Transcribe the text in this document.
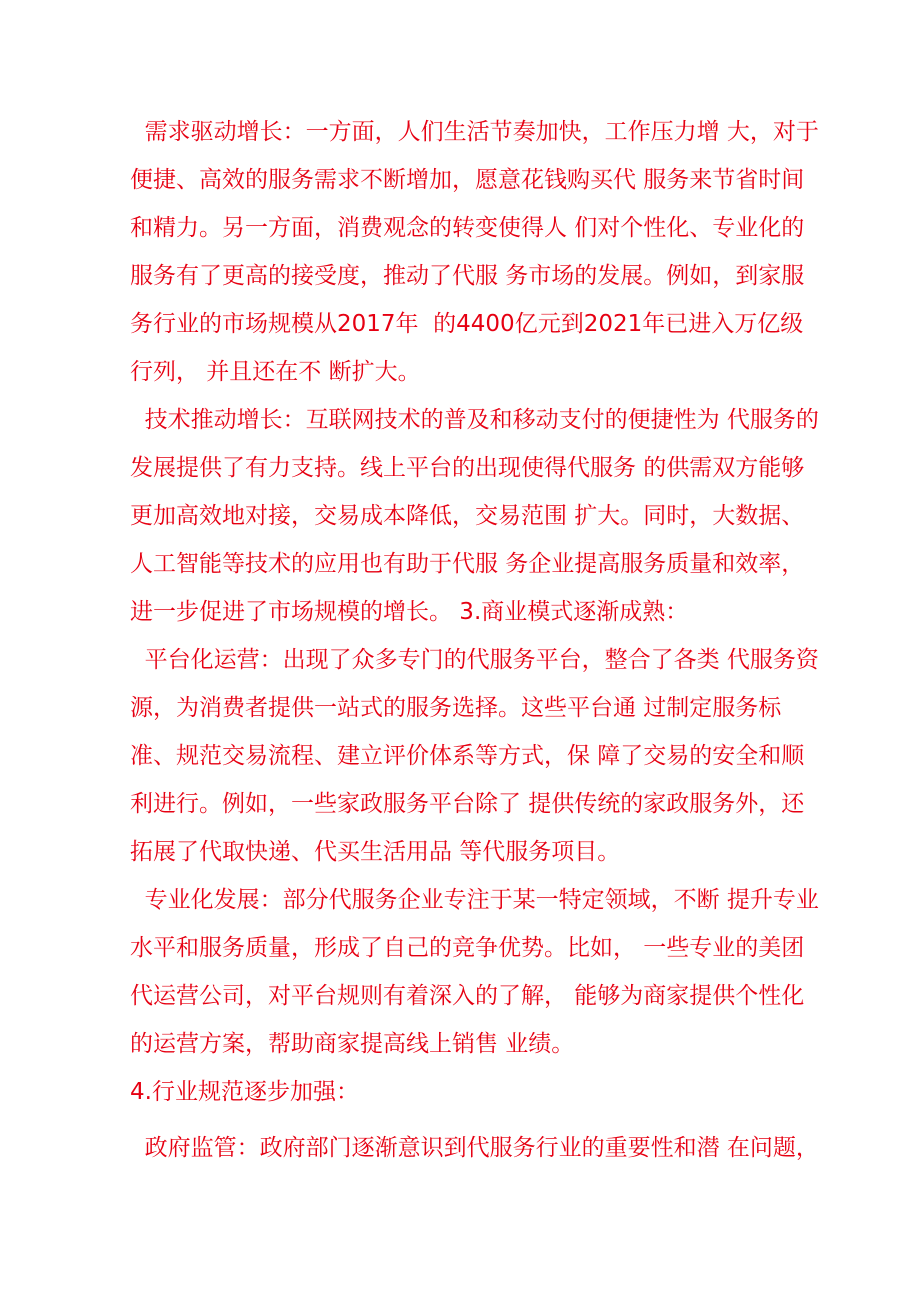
需求驱动增长：一方面，人们生活节奏加快，工作压力增 大，对于便捷、高效的服务需求不断增加，愿意花钱购买代 服务来节省时间和精力。另一方面，消费观念的转变使得人 们对个性化、专业化的服务有了更高的接受度，推动了代服 务市场的发展。例如，到家服务行业的市场规模从2017年  的4400亿元到2021年已进入万亿级行列， 并且还在不 断扩大。

技术推动增长：互联网技术的普及和移动支付的便捷性为 代服务的发展提供了有力支持。线上平台的出现使得代服务 的供需双方能够更加高效地对接，交易成本降低，交易范围 扩大。同时，大数据、人工智能等技术的应用也有助于代服 务企业提高服务质量和效率，进一步促进了市场规模的增长。 3.商业模式逐渐成熟：

平台化运营：出现了众多专门的代服务平台，整合了各类 代服务资源，为消费者提供一站式的服务选择。这些平台通 过制定服务标准、规范交易流程、建立评价体系等方式，保 障了交易的安全和顺利进行。例如，一些家政服务平台除了 提供传统的家政服务外，还拓展了代取快递、代买生活用品 等代服务项目。

专业化发展：部分代服务企业专注于某一特定领域，不断 提升专业水平和服务质量，形成了自己的竞争优势。比如， 一些专业的美团代运营公司，对平台规则有着深入的了解， 能够为商家提供个性化的运营方案，帮助商家提高线上销售 业绩。

4.行业规范逐步加强：

政府监管：政府部门逐渐意识到代服务行业的重要性和潜 在问题，
